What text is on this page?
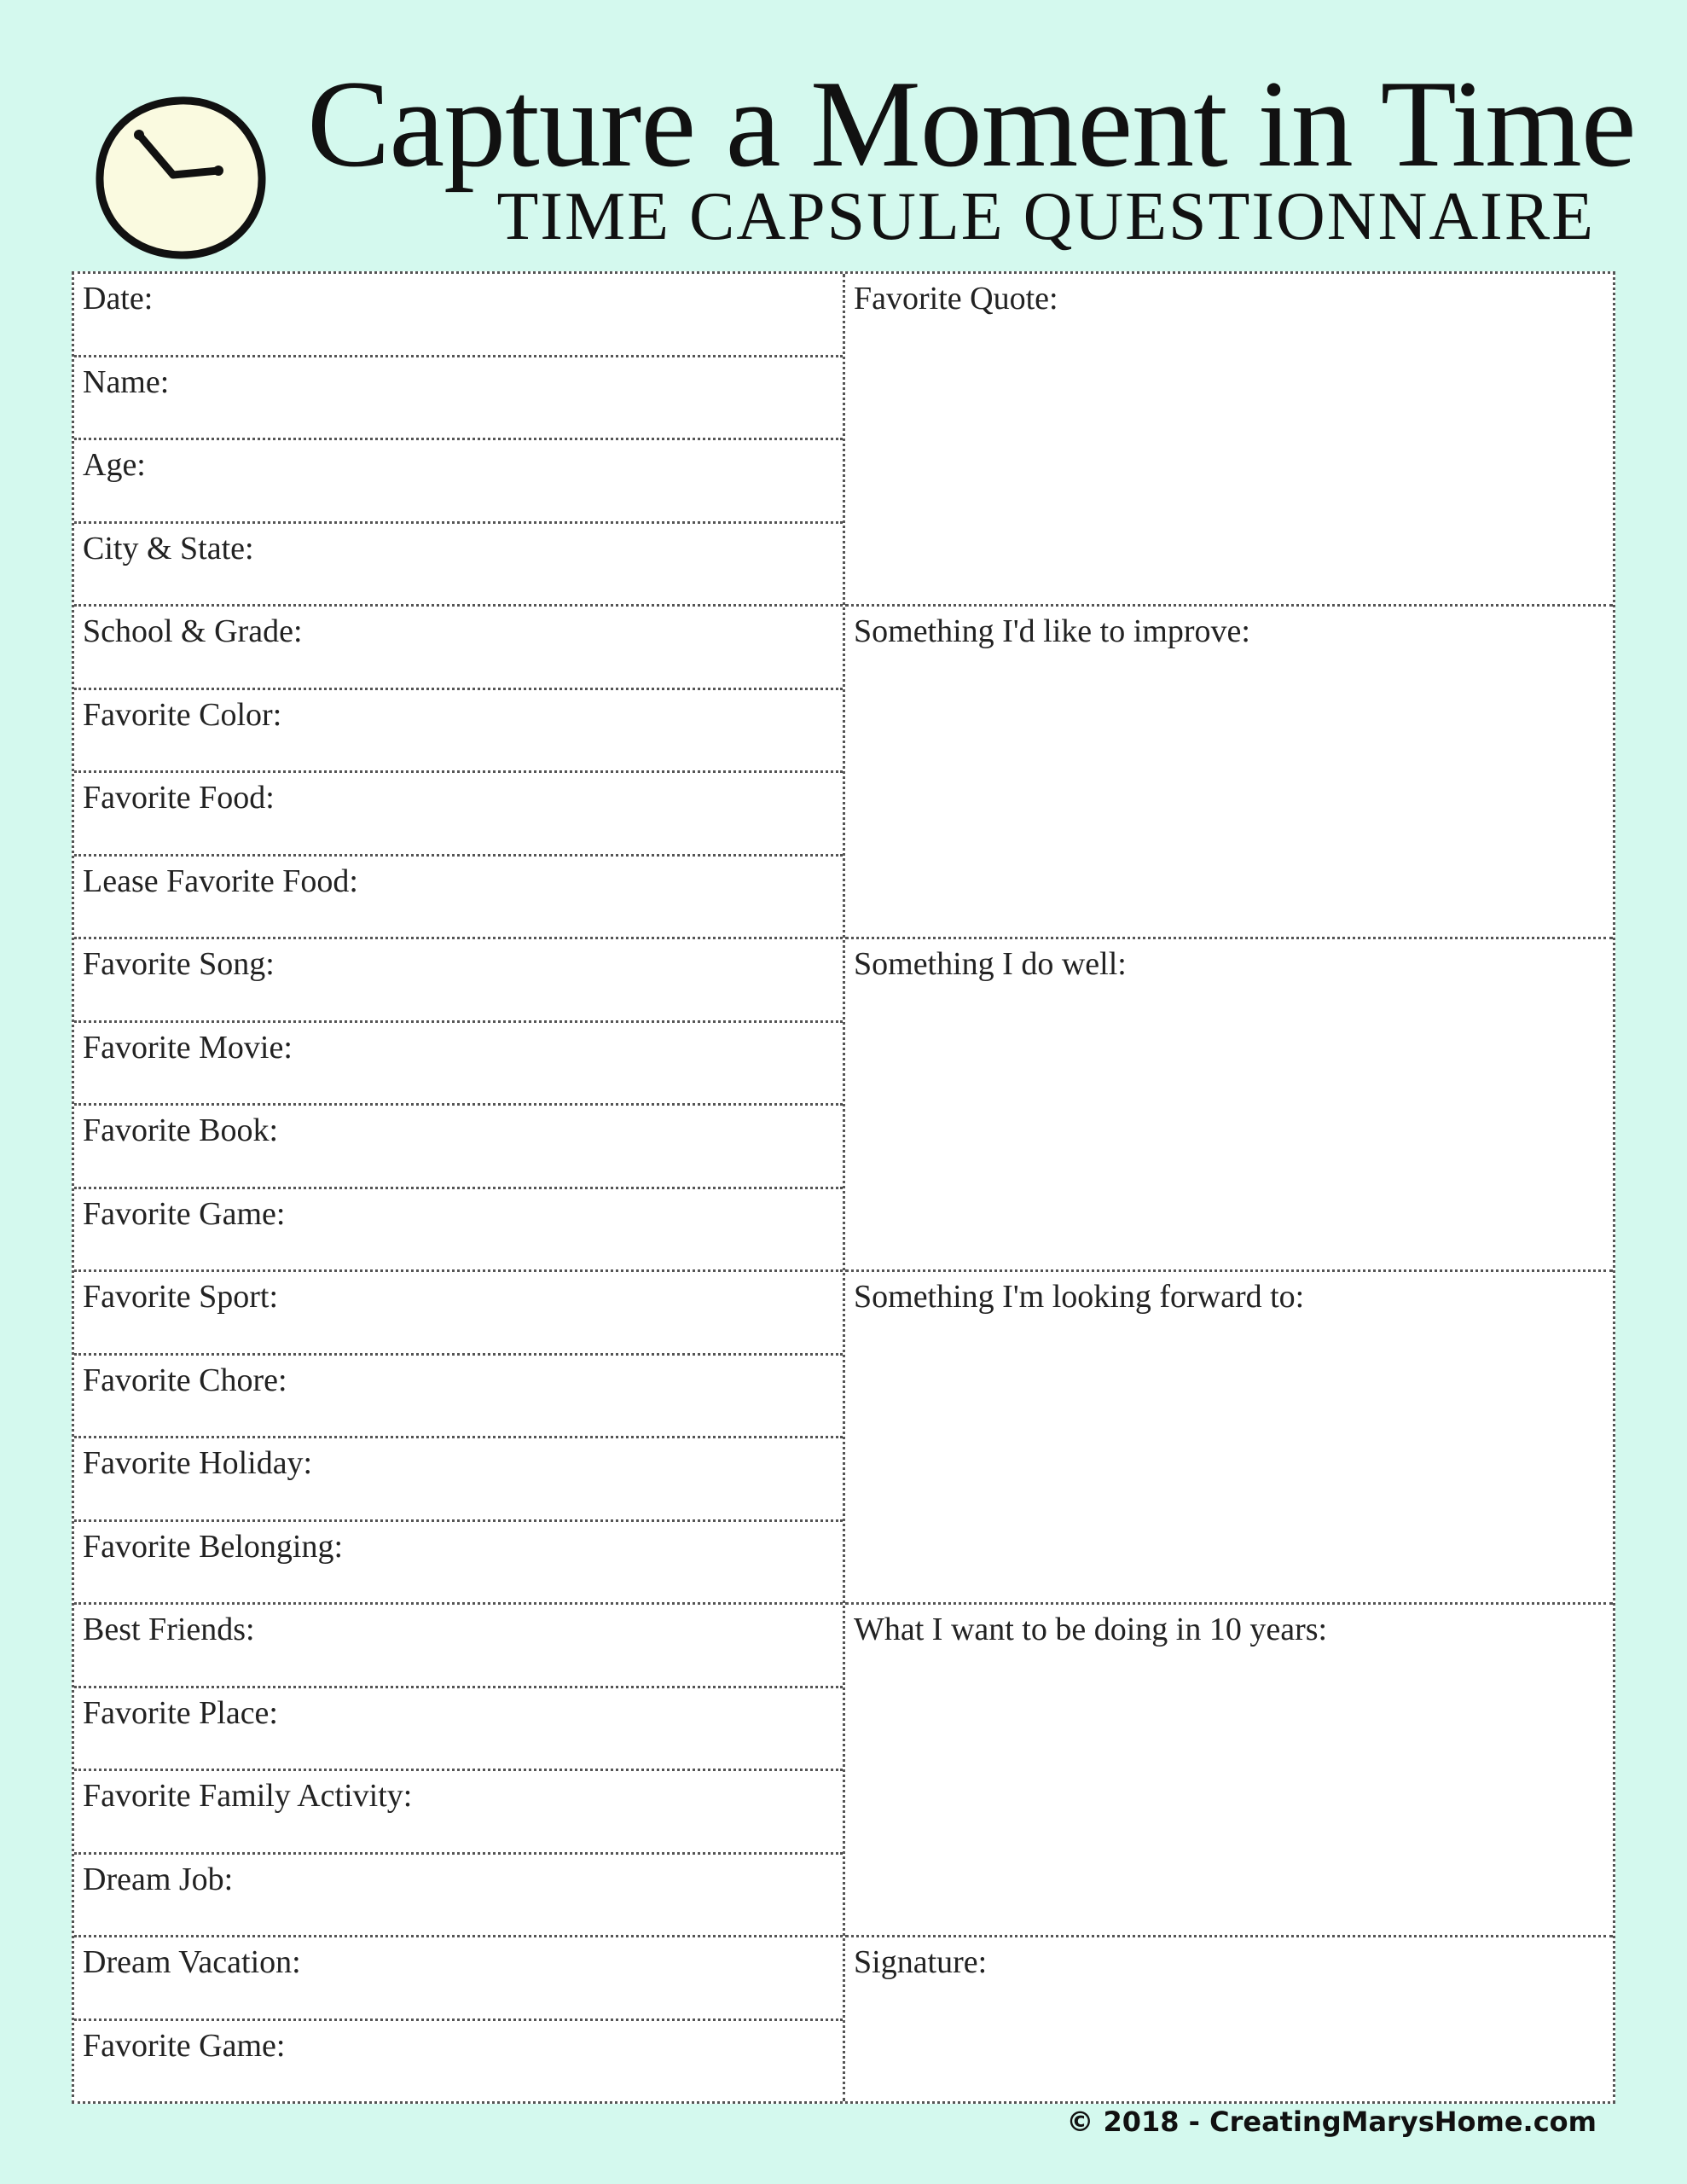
Capture a Moment in Time
TIME CAPSULE QUESTIONNAIRE
Date:
Name:
Age:
City & State:
School & Grade:
Favorite Color:
Favorite Food:
Lease Favorite Food:
Favorite Song:
Favorite Movie:
Favorite Book:
Favorite Game:
Favorite Sport:
Favorite Chore:
Favorite Holiday:
Favorite Belonging:
Best Friends:
Favorite Place:
Favorite Family Activity:
Dream Job:
Dream Vacation:
Favorite Game:
Favorite Quote:
Something I'd like to improve:
Something I do well:
Something I'm looking forward to:
What I want to be doing in 10 years:
Signature:
© 2018 - CreatingMarysHome.com
